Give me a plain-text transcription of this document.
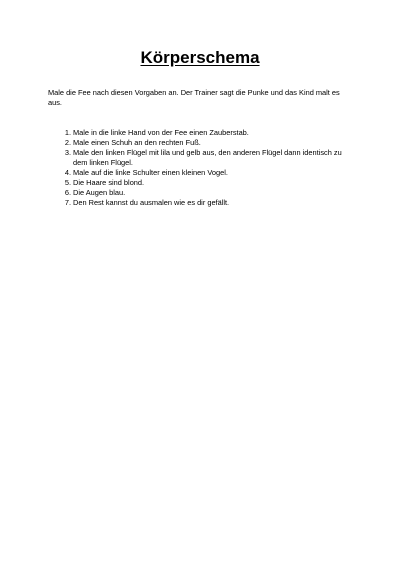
Körperschema

Male die Fee nach diesen Vorgaben an. Der Trainer sagt die Punke und das Kind malt es aus.

1. Male in die linke Hand von der Fee einen Zauberstab.
2. Male einen Schuh an den rechten Fuß.
3. Male den linken Flügel mit lila und gelb aus, den anderen Flügel dann identisch zu dem linken Flügel.
4. Male auf die linke Schulter einen kleinen Vogel.
5. Die Haare sind blond.
6. Die Augen blau.
7. Den Rest kannst du ausmalen wie es dir gefällt.
